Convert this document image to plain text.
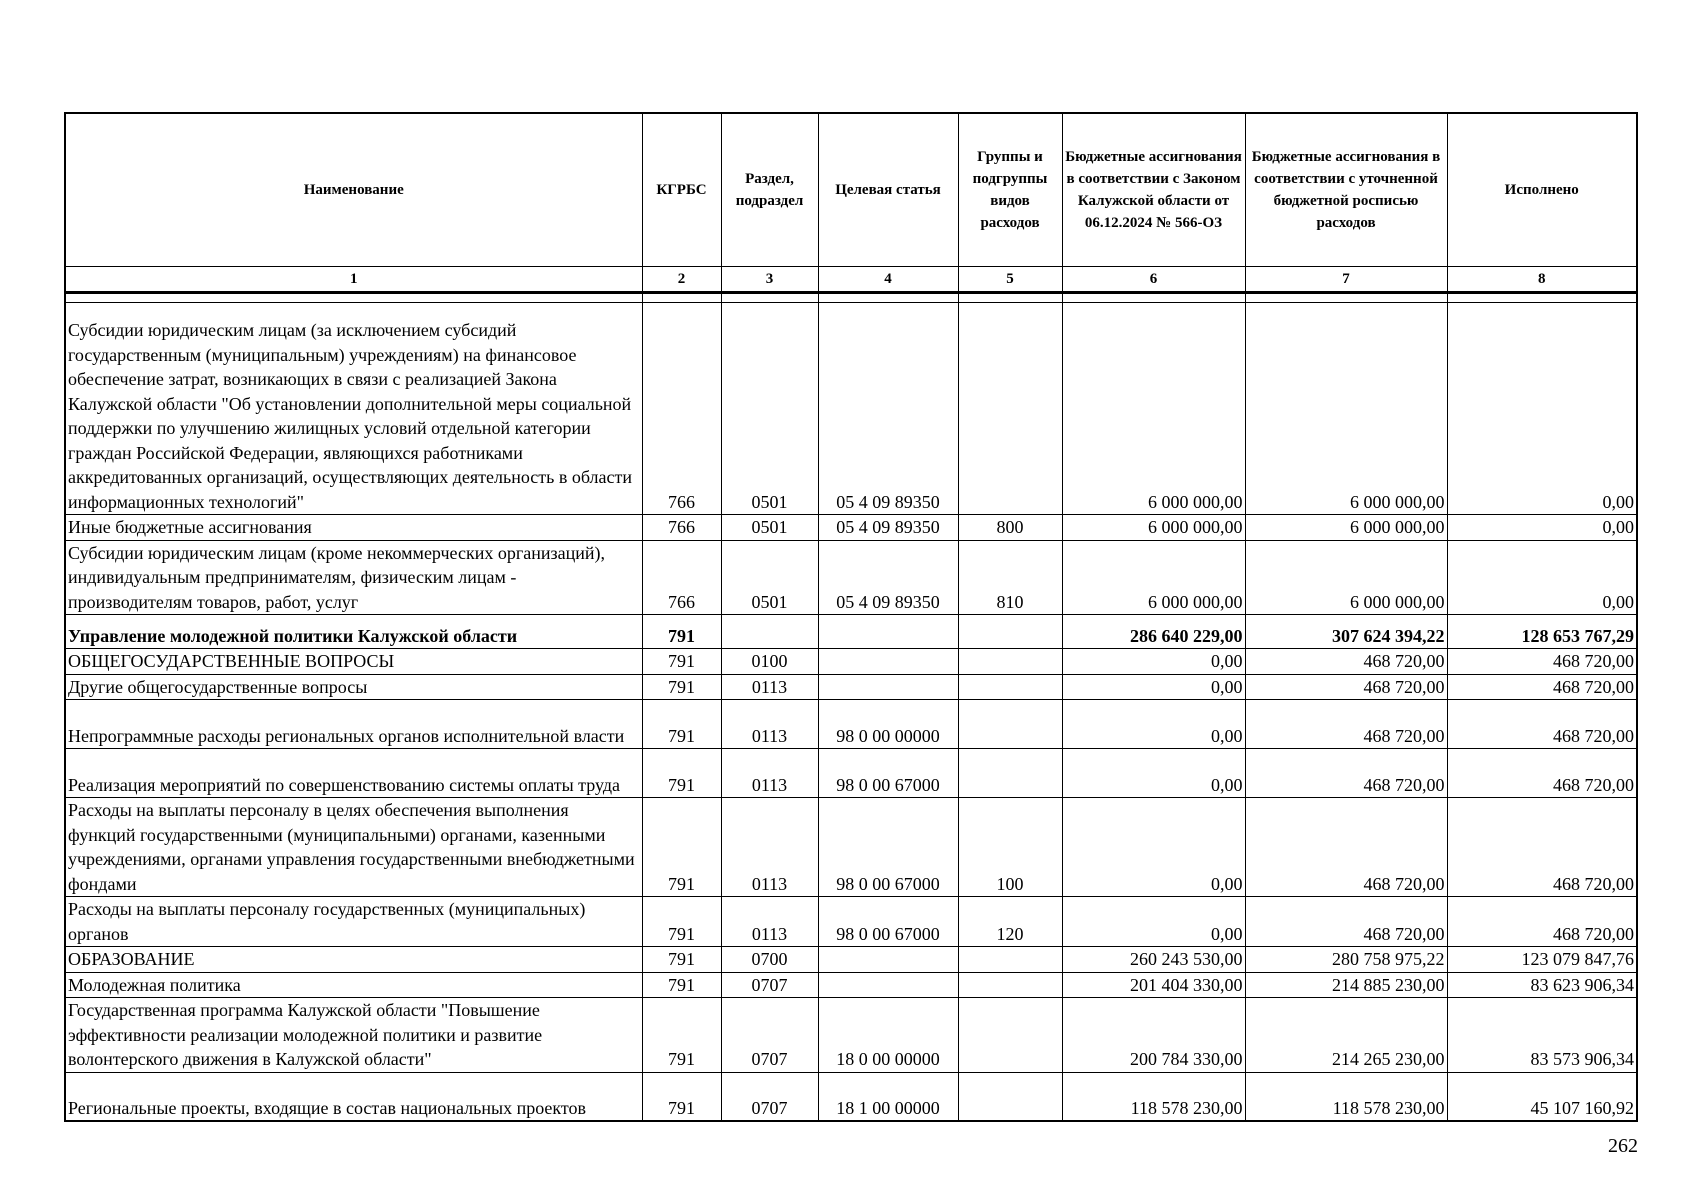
Наименование	КГРБС	Раздел, подраздел	Целевая статья	Группы и подгруппы видов расходов	Бюджетные ассигнования в соответствии с Законом Калужской области от 06.12.2024 № 566-ОЗ	Бюджетные ассигнования в соответствии с уточненной бюджетной росписью расходов	Исполнено
1	2	3	4	5	6	7	8

Субсидии юридическим лицам (за исключением субсидий государственным (муниципальным) учреждениям) на финансовое обеспечение затрат, возникающих в связи с реализацией Закона Калужской области "Об установлении дополнительной меры социальной поддержки по улучшению жилищных условий отдельной категории граждан Российской Федерации, являющихся работниками аккредитованных организаций, осуществляющих деятельность в области информационных технологий"	766	0501	05 4 09 89350		6 000 000,00	6 000 000,00	0,00
Иные бюджетные ассигнования	766	0501	05 4 09 89350	800	6 000 000,00	6 000 000,00	0,00
Субсидии юридическим лицам (кроме некоммерческих организаций), индивидуальным предпринимателям, физическим лицам - производителям товаров, работ, услуг	766	0501	05 4 09 89350	810	6 000 000,00	6 000 000,00	0,00
Управление молодежной политики Калужской области	791				286 640 229,00	307 624 394,22	128 653 767,29
ОБЩЕГОСУДАРСТВЕННЫЕ ВОПРОСЫ	791	0100			0,00	468 720,00	468 720,00
Другие общегосударственные вопросы	791	0113			0,00	468 720,00	468 720,00
Непрограммные расходы региональных органов исполнительной власти	791	0113	98 0 00 00000		0,00	468 720,00	468 720,00
Реализация мероприятий по совершенствованию системы оплаты труда	791	0113	98 0 00 67000		0,00	468 720,00	468 720,00
Расходы на выплаты персоналу в целях обеспечения выполнения функций государственными (муниципальными) органами, казенными учреждениями, органами управления государственными внебюджетными фондами	791	0113	98 0 00 67000	100	0,00	468 720,00	468 720,00
Расходы на выплаты персоналу государственных (муниципальных) органов	791	0113	98 0 00 67000	120	0,00	468 720,00	468 720,00
ОБРАЗОВАНИЕ	791	0700			260 243 530,00	280 758 975,22	123 079 847,76
Молодежная политика	791	0707			201 404 330,00	214 885 230,00	83 623 906,34
Государственная программа Калужской области "Повышение эффективности реализации молодежной политики и развитие волонтерского движения в Калужской области"	791	0707	18 0 00 00000		200 784 330,00	214 265 230,00	83 573 906,34
Региональные проекты, входящие в состав национальных проектов	791	0707	18 1 00 00000		118 578 230,00	118 578 230,00	45 107 160,92
262
